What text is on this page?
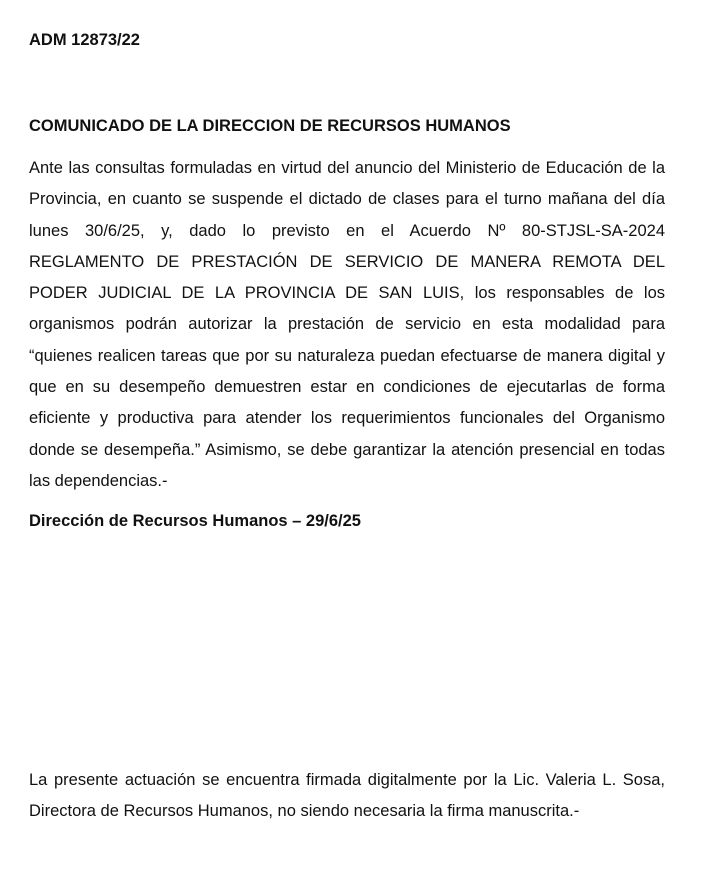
ADM 12873/22

COMUNICADO DE LA DIRECCION DE RECURSOS HUMANOS

Ante las consultas formuladas en virtud del anuncio del Ministerio de Educación de la Provincia, en cuanto se suspende el dictado de clases para el turno mañana del día lunes 30/6/25, y, dado lo previsto en el Acuerdo Nº 80-STJSL-SA-2024 REGLAMENTO DE PRESTACIÓN DE SERVICIO DE MANERA REMOTA DEL PODER JUDICIAL DE LA PROVINCIA DE SAN LUIS, los responsables de los organismos podrán autorizar la prestación de servicio en esta modalidad para “quienes realicen tareas que por su naturaleza puedan efectuarse de manera digital y que en su desempeño demuestren estar en condiciones de ejecutarlas de forma eficiente y productiva para atender los requerimientos funcionales del Organismo donde se desempeña.” Asimismo, se debe garantizar la atención presencial en todas las dependencias.-

Dirección de Recursos Humanos – 29/6/25

La presente actuación se encuentra firmada digitalmente por la Lic. Valeria L. Sosa, Directora de Recursos Humanos, no siendo necesaria la firma manuscrita.-
